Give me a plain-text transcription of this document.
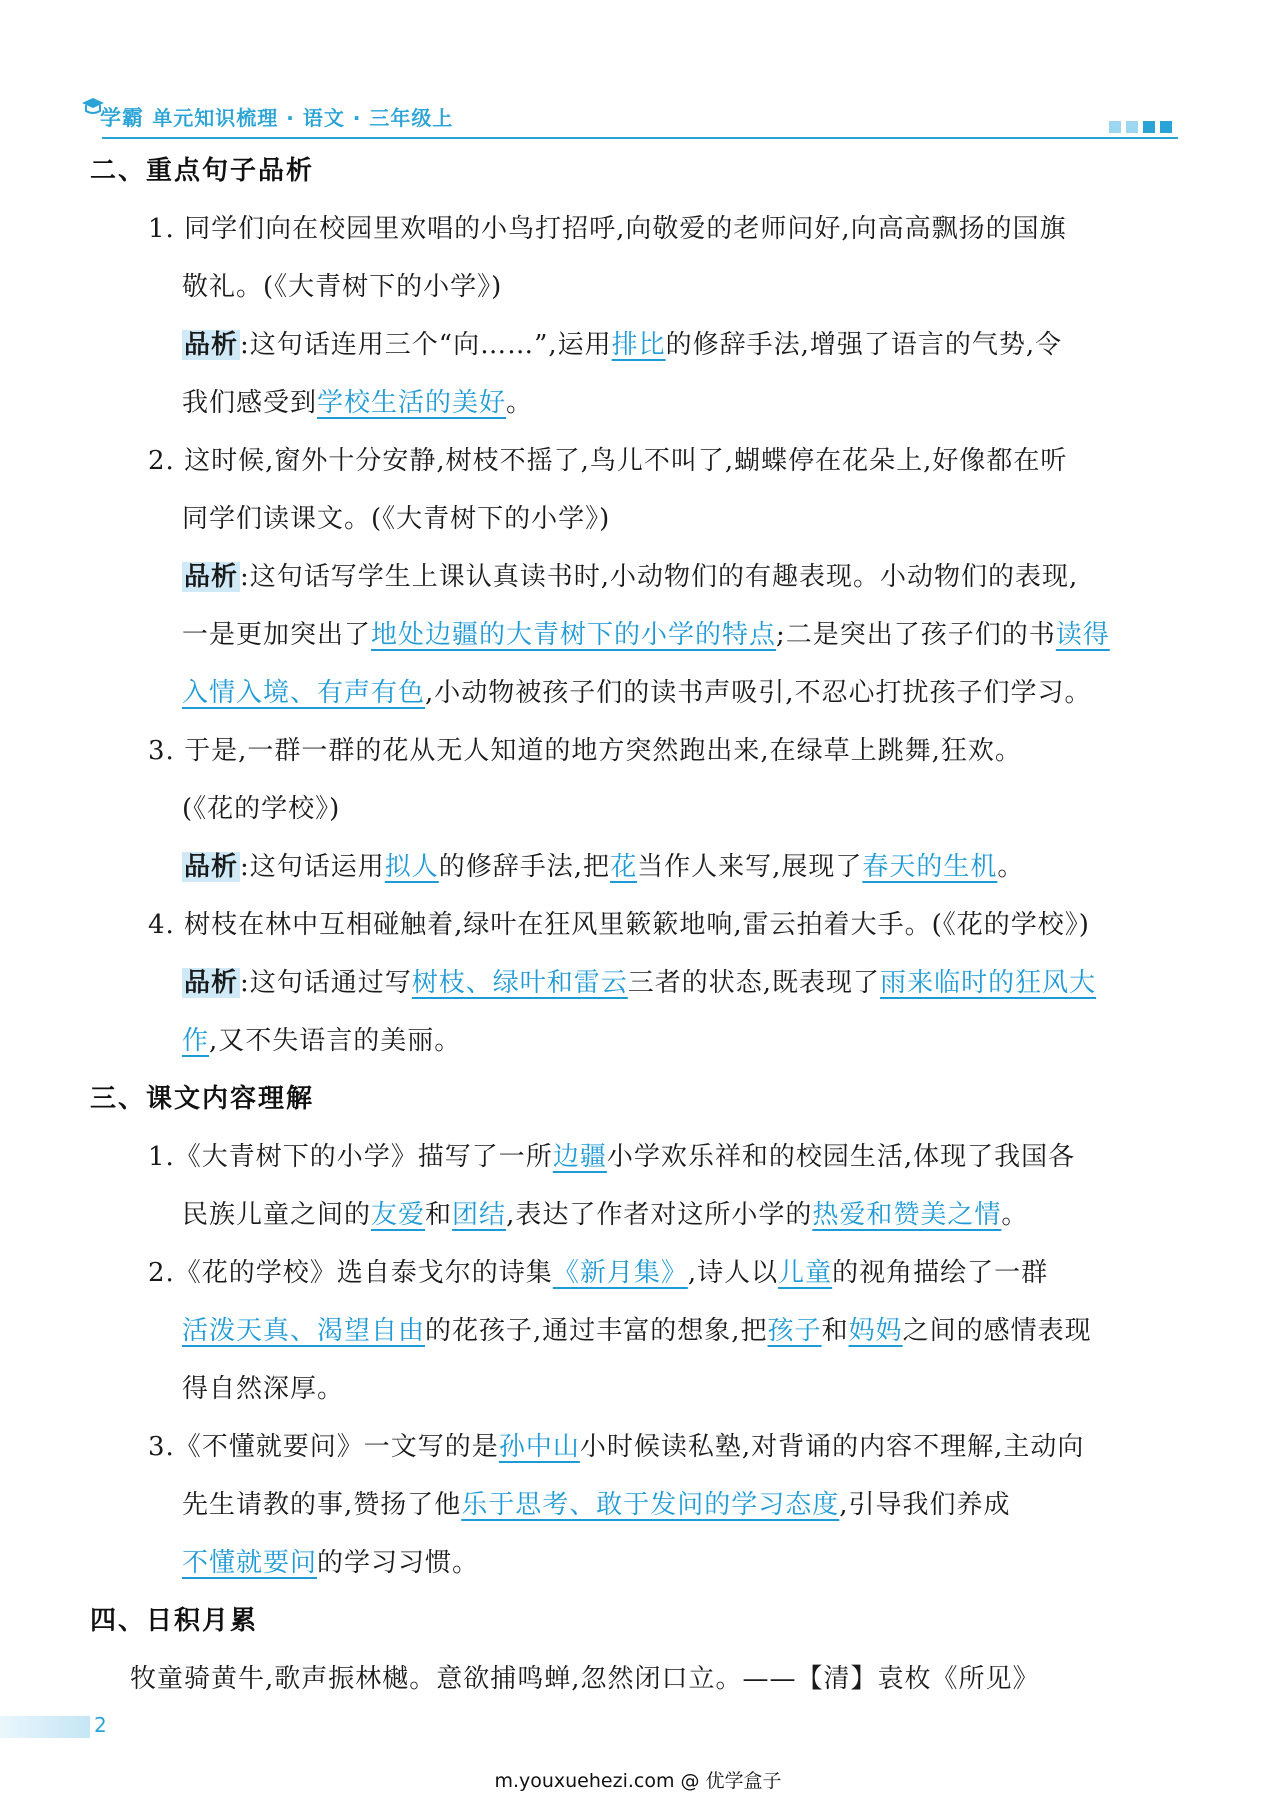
学霸 单元知识梳理 · 语文 · 三年级上
二、重点句子品析
1. 同学们向在校园里欢唱的小鸟打招呼,向敬爱的老师问好,向高高飘扬的国旗
敬礼。(《大青树下的小学》)
品析:这句话连用三个“向……”,运用排比的修辞手法,增强了语言的气势,令
我们感受到学校生活的美好。
2. 这时候,窗外十分安静,树枝不摇了,鸟儿不叫了,蝴蝶停在花朵上,好像都在听
同学们读课文。(《大青树下的小学》)
品析:这句话写学生上课认真读书时,小动物们的有趣表现。小动物们的表现,
一是更加突出了地处边疆的大青树下的小学的特点;二是突出了孩子们的书读得
入情入境、有声有色,小动物被孩子们的读书声吸引,不忍心打扰孩子们学习。
3. 于是,一群一群的花从无人知道的地方突然跑出来,在绿草上跳舞,狂欢。
(《花的学校》)
品析:这句话运用拟人的修辞手法,把花当作人来写,展现了春天的生机。
4. 树枝在林中互相碰触着,绿叶在狂风里簌簌地响,雷云拍着大手。(《花的学校》)
品析:这句话通过写树枝、绿叶和雷云三者的状态,既表现了雨来临时的狂风大
作,又不失语言的美丽。
三、课文内容理解
1.《大青树下的小学》描写了一所边疆小学欢乐祥和的校园生活,体现了我国各
民族儿童之间的友爱和团结,表达了作者对这所小学的热爱和赞美之情。
2.《花的学校》选自泰戈尔的诗集《新月集》,诗人以儿童的视角描绘了一群
活泼天真、渴望自由的花孩子,通过丰富的想象,把孩子和妈妈之间的感情表现
得自然深厚。
3.《不懂就要问》一文写的是孙中山小时候读私塾,对背诵的内容不理解,主动向
先生请教的事,赞扬了他乐于思考、敢于发问的学习态度,引导我们养成
不懂就要问的学习习惯。
四、日积月累
牧童骑黄牛,歌声振林樾。意欲捕鸣蝉,忽然闭口立。——【清】袁枚《所见》
2
m.youxuehezi.com @ 优学盒子
